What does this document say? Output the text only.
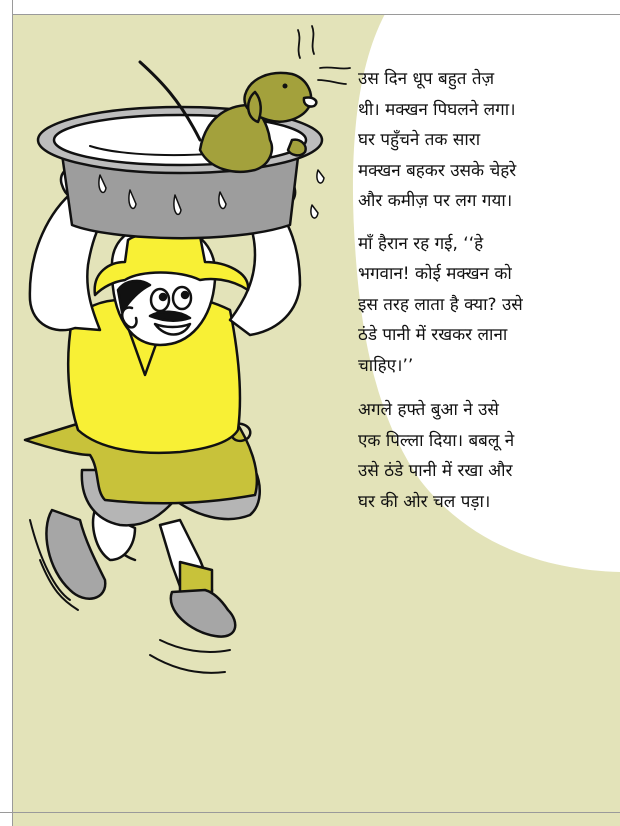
उस दिन धूप बहुत तेज़
थी। मक्खन पिघलने लगा।
घर पहुँचने तक सारा
मक्खन बहकर उसके चेहरे
और कमीज़ पर लग गया।

माँ हैरान रह गई, ‘‘हे
भगवान! कोई मक्खन को
इस तरह लाता है क्या? उसे
ठंडे पानी में रखकर लाना
चाहिए।’’

अगले हफ्ते बुआ ने उसे
एक पिल्ला दिया। बबलू ने
उसे ठंडे पानी में रखा और
घर की ओर चल पड़ा।
